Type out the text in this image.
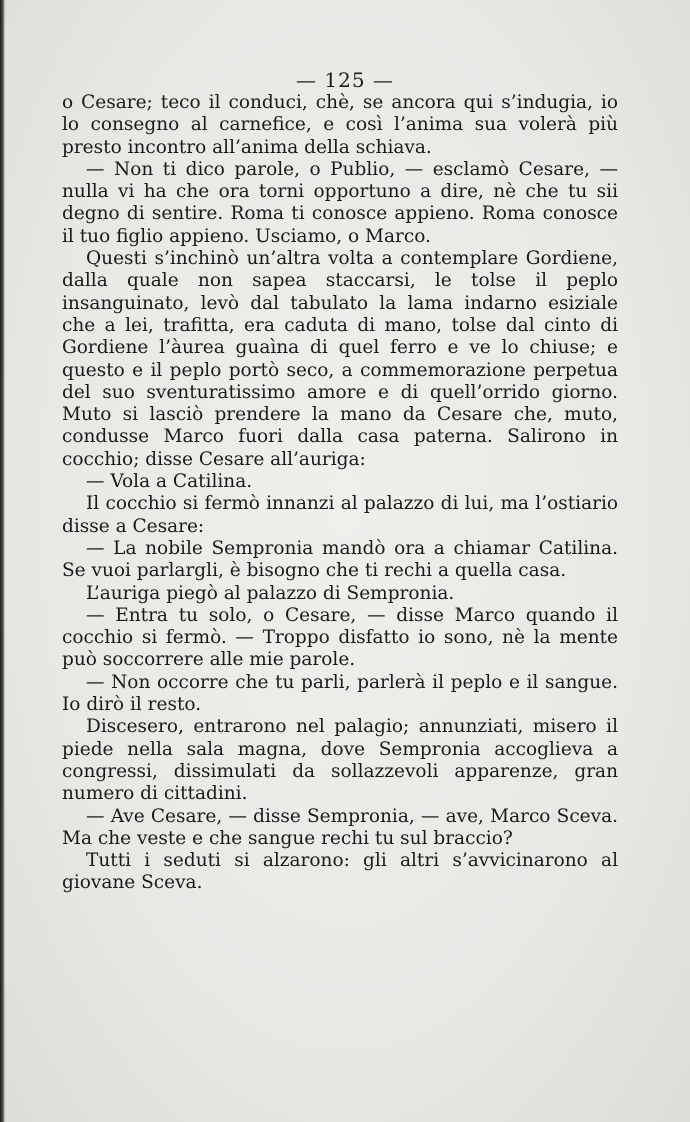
— 125 —

o Cesare; teco il conduci, chè, se ancora qui s’indugia, io lo consegno al carnefice, e così l’anima sua volerà più presto incontro all’anima della schiava.

— Non ti dico parole, o Publio, — esclamò Cesare, — nulla vi ha che ora torni opportuno a dire, nè che tu sii degno di sentire. Roma ti conosce appieno. Roma conosce il tuo figlio appieno. Usciamo, o Marco.

Questi s’inchinò un’altra volta a contemplare Gordiene, dalla quale non sapea staccarsi, le tolse il peplo insanguinato, levò dal tabulato la lama indarno esiziale che a lei, trafitta, era caduta di mano, tolse dal cinto di Gordiene l’àurea guaìna di quel ferro e ve lo chiuse; e questo e il peplo portò seco, a commemorazione perpetua del suo sventuratissimo amore e di quell’orrido giorno. Muto si lasciò prendere la mano da Cesare che, muto, condusse Marco fuori dalla casa paterna. Salirono in cocchio; disse Cesare all’auriga:

— Vola a Catilina.

Il cocchio si fermò innanzi al palazzo di lui, ma l’ostiario disse a Cesare:

— La nobile Sempronia mandò ora a chiamar Catilina. Se vuoi parlargli, è bisogno che ti rechi a quella casa.

L’auriga piegò al palazzo di Sempronia.

— Entra tu solo, o Cesare, — disse Marco quando il cocchio si fermò. — Troppo disfatto io sono, nè la mente può soccorrere alle mie parole.

— Non occorre che tu parli, parlerà il peplo e il sangue. Io dirò il resto.

Discesero, entrarono nel palagio; annunziati, misero il piede nella sala magna, dove Sempronia accoglieva a congressi, dissimulati da sollazzevoli apparenze, gran numero di cittadini.

— Ave Cesare, — disse Sempronia, — ave, Marco Sceva. Ma che veste e che sangue rechi tu sul braccio?

Tutti i seduti si alzarono: gli altri s’avvicinarono al giovane Sceva.
